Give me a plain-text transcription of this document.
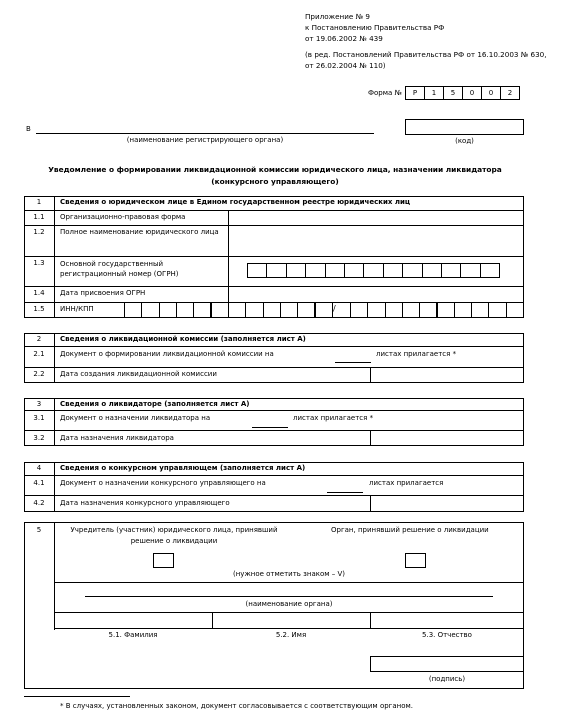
Приложение № 9
к Постановлению Правительства РФ
от 19.06.2002 № 439
(в ред. Постановлений Правительства РФ от 16.10.2003 № 630,
от 26.02.2004 № 110)
Форма №	Р	1	5	0	0	2
В
(наименование регистрирующего органа)	(код)
Уведомление о формировании ликвидационной комиссии юридического лица, назначении ликвидатора (конкурсного управляющего)
1	Сведения о юридическом лице в Едином государственном реестре юридических лиц
1.1	Организационно-правовая форма
1.2	Полное наименование юридического лица
1.3	Основной государственный регистрационный номер (ОГРН)
1.4	Дата присвоения ОГРН
1.5	ИНН/КПП	/
2	Сведения о ликвидационной комиссии (заполняется лист А)
2.1	Документ о формировании ликвидационной комиссии на	листах прилагается *
2.2	Дата создания ликвидационной комиссии
3	Сведения о ликвидаторе (заполняется лист А)
3.1	Документ о назначении ликвидатора на	листах прилагается *
3.2	Дата назначения ликвидатора
4	Сведения о конкурсном управляющем (заполняется лист А)
4.1	Документ о назначении конкурсного управляющего на	листах прилагается
4.2	Дата назначения конкурсного управляющего
5	Учредитель (участник) юридического лица, принявший
решение о ликвидации
Орган, принявший решение о ликвидации
(нужное отметить знаком – V)
(наименование органа)
5.1. Фамилия	5.2. Имя	5.3. Отчество
(подпись)
* В случаях, установленных законом, документ согласовывается с соответствующим органом.
